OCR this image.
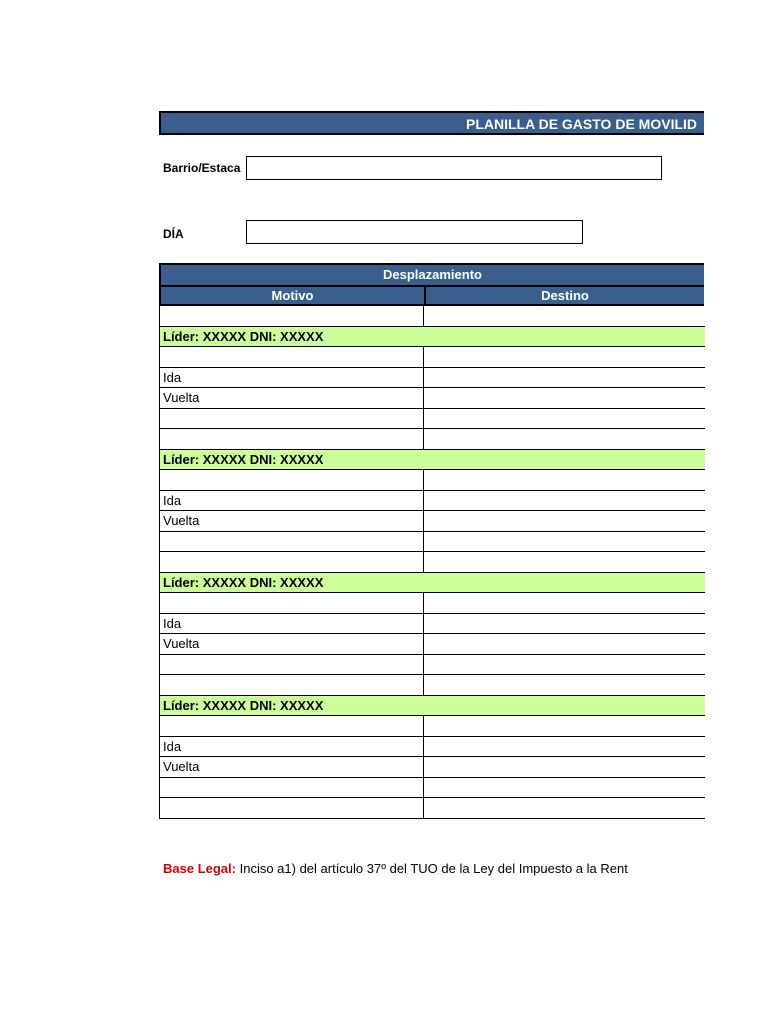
PLANILLA DE GASTO DE MOVILID
Barrio/Estaca
DÍA
Desplazamiento
Motivo	Destino
Líder: XXXXX DNI: XXXXX
Ida
Vuelta
Líder: XXXXX DNI: XXXXX
Ida
Vuelta
Líder: XXXXX DNI: XXXXX
Ida
Vuelta
Líder: XXXXX DNI: XXXXX
Ida
Vuelta
Base Legal: Inciso a1) del artículo 37º del TUO de la Ley del Impuesto a la Rent
